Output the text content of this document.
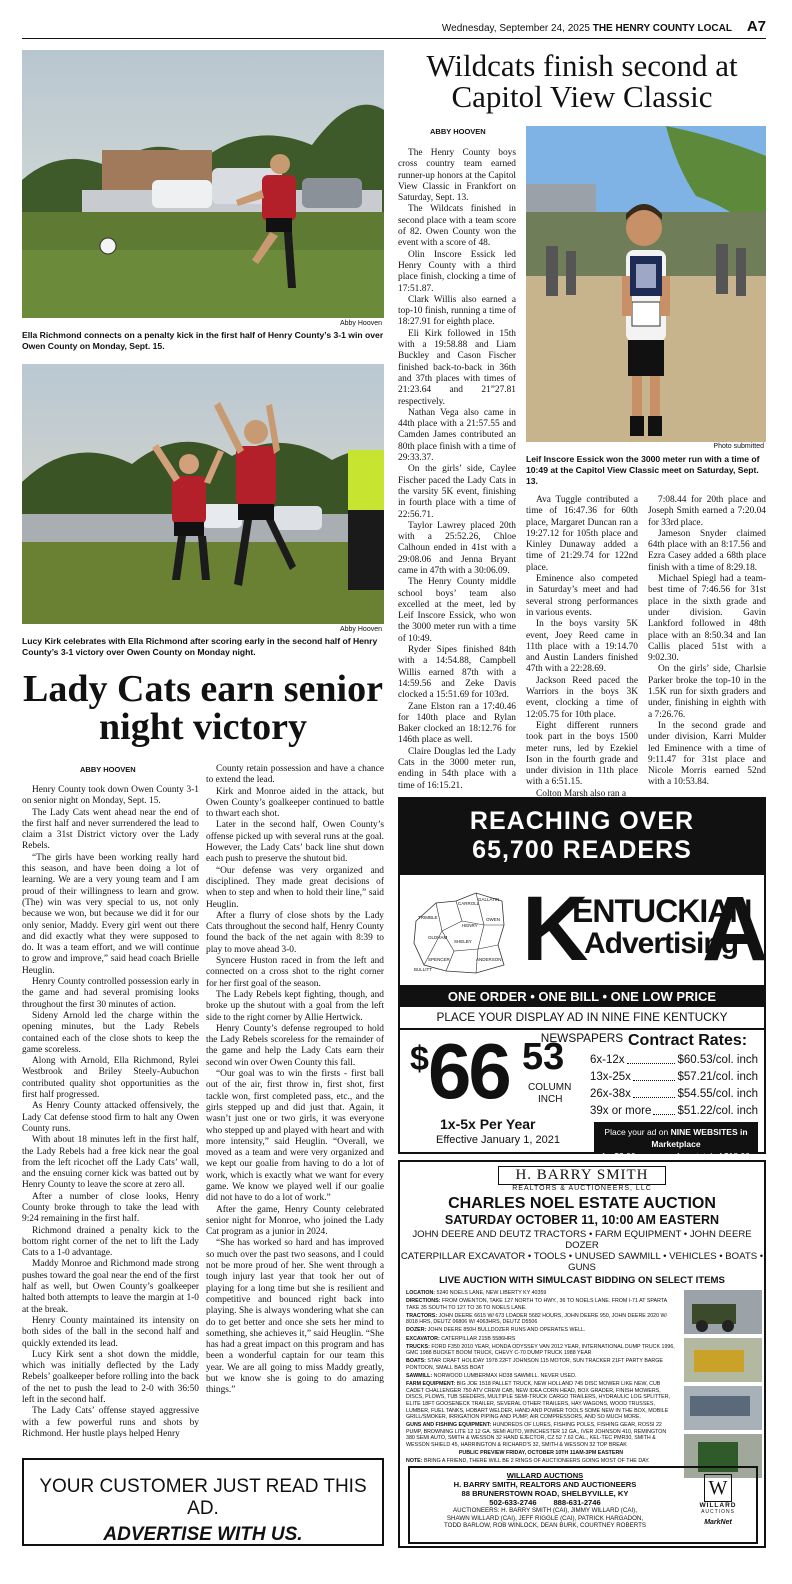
Wednesday, September 24, 2025 THE HENRY COUNTY LOCAL A7
Abby Hooven
Ella Richmond connects on a penalty kick in the first half of Henry County’s 3-1 win over Owen County on Monday, Sept. 15.
Abby Hooven
Lucy Kirk celebrates with Ella Richmond after scoring early in the second half of Henry County’s 3-1 victory over Owen County on Monday night.
Lady Cats earn senior night victory
ABBY HOOVEN

Henry County took down Owen County 3-1 on senior night on Monday, Sept. 15.

The Lady Cats went ahead near the end of the first half and never surrendered the lead to claim a 31st District victory over the Lady Rebels.

“The girls have been working really hard this season, and have been doing a lot of learning. We are a very young team and I am proud of their willingness to learn and grow. (The) win was very special to us, not only because we won, but because we did it for our only senior, Maddy. Every girl went out there and did exactly what they were supposed to do. It was a team effort, and we will continue to grow and improve,” said head coach Brielle Heuglin.

Henry County controlled possession early in the game and had several promising looks throughout the first 30 minutes of action.

Sideny Arnold led the charge within the opening minutes, but the Lady Rebels contained each of the close shots to keep the game scoreless.

Along with Arnold, Ella Richmond, Rylei Westbrook and Briley Steely-Aubuchon contributed quality shot opportunities as the first half progressed.

As Henry County attacked offensively, the Lady Cat defense stood firm to halt any Owen County runs.

With about 18 minutes left in the first half, the Lady Rebels had a free kick near the goal from the left ricochet off the Lady Cats’ wall, and the ensuing corner kick was batted out by Henry County to leave the score at zero all.

After a number of close looks, Henry County broke through to take the lead with 9:24 remaining in the first half.

Richmond drained a penalty kick to the bottom right corner of the net to lift the Lady Cats to a 1-0 advantage.

Maddy Monroe and Richmond made strong pushes toward the goal near the end of the first half as well, but Owen County’s goalkeeper halted both attempts to leave the margin at 1-0 at the break.

Henry County maintained its intensity on both sides of the ball in the second half and quickly extended its lead.

Lucy Kirk sent a shot down the middle, which was initially deflected by the Lady Rebels’ goalkeeper before rolling into the back of the net to push the lead to 2-0 with 36:50 left in the second half.

The Lady Cats’ offense stayed aggressive with a few powerful runs and shots by Richmond. Her hustle plays helped Henry

County retain possession and have a chance to extend the lead.

Kirk and Monroe aided in the attack, but Owen County’s goalkeeper continued to battle to thwart each shot.

Later in the second half, Owen County’s offense picked up with several runs at the goal. However, the Lady Cats’ back line shut down each push to preserve the shutout bid.

“Our defense was very organized and disciplined. They made great decisions of when to step and when to hold their line,” said Heuglin.

After a flurry of close shots by the Lady Cats throughout the second half, Henry County found the back of the net again with 8:39 to play to move ahead 3-0.

Syncere Huston raced in from the left and connected on a cross shot to the right corner for her first goal of the season.

The Lady Rebels kept fighting, though, and broke up the shutout with a goal from the left side to the right corner by Allie Hertwick.

Henry County’s defense regrouped to hold the Lady Rebels scoreless for the remainder of the game and help the Lady Cats earn their second win over Owen County this fall.

“Our goal was to win the firsts - first ball out of the air, first throw in, first shot, first tackle won, first completed pass, etc., and the girls stepped up and did just that. Again, it wasn’t just one or two girls, it was everyone who stepped up and played with heart and with more intensity,” said Heuglin. “Overall, we moved as a team and were very organized and we kept our goalie from having to do a lot of work, which is exactly what we want for every game. We know we played well if our goalie did not have to do a lot of work.”

After the game, Henry County celebrated senior night for Monroe, who joined the Lady Cat program as a junior in 2024.

“She has worked so hard and has improved so much over the past two seasons, and I could not be more proud of her. She went through a tough injury last year that took her out of playing for a long time but she is resilient and competitive and bounced right back into playing. She is always wondering what she can do to get better and once she sets her mind to something, she achieves it,” said Heuglin. “She has had a great impact on this program and has been a wonderful captain for our team this year. We are all going to miss Maddy greatly, but we know she is going to do amazing things.”

YOUR CUSTOMER JUST READ THIS AD.
ADVERTISE WITH US.
Wildcats finish second at Capitol View Classic
ABBY HOOVEN
Photo submitted
Leif Inscore Essick won the 3000 meter run with a time of 10:49 at the Capitol View Classic meet on Saturday, Sept. 13.

The Henry County boys cross country team earned runner-up honors at the Capitol View Classic in Frankfort on Saturday, Sept. 13.

The Wildcats finished in second place with a team score of 82. Owen County won the event with a score of 48.

Olin Inscore Essick led Henry County with a third place finish, clocking a time of 17:51.87.

Clark Willis also earned a top-10 finish, running a time of 18:27.91 for eighth place.

Eli Kirk followed in 15th with a 19:58.88 and Liam Buckley and Cason Fischer finished back-to-back in 36th and 37th places with times of 21:23.64 and 21”27.81 respectively.

Nathan Vega also came in 44th place with a 21:57.55 and Camden James contributed an 80th place finish with a time of 29:33.37.

On the girls’ side, Caylee Fischer paced the Lady Cats in the varsity 5K event, finishing in fourth place with a time of 22:56.71.

Taylor Lawrey placed 20th with a 25:52.26, Chloe Calhoun ended in 41st with a 29:08.06 and Jenna Bryant came in 47th with a 30:06.09.

The Henry County middle school boys’ team also excelled at the meet, led by Leif Inscore Essick, who won the 3000 meter run with a time of 10:49.

Ryder Sipes finished 84th with a 14:54.88, Campbell Willis earned 87th with a 14:59.56 and Zeke Davis clocked a 15:51.69 for 103rd.

Zane Elston ran a 17:40.46 for 140th place and Rylan Baker clocked an 18:12.76 for 146th place as well.

Claire Douglas led the Lady Cats in the 3000 meter run, ending in 54th place with a time of 16:15.21.

Ava Tuggle contributed a time of 16:47.36 for 60th place, Margaret Duncan ran a 19:27.12 for 105th place and Kinley Dunaway added a time of 21:29.74 for 122nd place.

Eminence also competed in Saturday’s meet and had several strong performances in various events.

In the boys varsity 5K event, Joey Reed came in 11th place with a 19:14.70 and Austin Landers finished 47th with a 22:28.69.

Jackson Reed paced the Warriors in the boys 3K event, clocking a time of 12:05.75 for 10th place.

Eight different runners took part in the boys 1500 meter runs, led by Ezekiel Ison in the fourth grade and under division in 11th place with a 6:51.15.

Colton Marsh also ran a

7:08.44 for 20th place and Joseph Smith earned a 7:20.04 for 33rd place.

Jameson Snyder claimed 64th place with an 8:17.56 and Ezra Casey added a 68th place finish with a time of 8:29.18.

Michael Spiegl had a team-best time of 7:46.56 for 31st place in the sixth grade and under division. Gavin Lankford followed in 48th place with an 8:50.34 and Ian Callis placed 51st with a 9:02.30.

On the girls’ side, Charlsie Parker broke the top-10 in the 1.5K run for sixth graders and under, finishing in eighth with a 7:26.76.

In the second grade and under division, Karri Mulder led Eminence with a time of 9:11.47 for 31st place and Nicole Morris earned 52nd with a 10:53.84.

REACHING OVER
65,700 READERS
TRIMBLE
CARROLL
GALLATIN
HENRY
OLDHAM
OWEN
SHELBY
SPENCER	ANDERSON
BULLITT K
ENTUCKIAN
Advertising
A
ONE ORDER • ONE BILL • ONE LOW PRICE
PLACE YOUR DISPLAY AD IN NINE FINE KENTUCKY NEWSPAPERS
$ 66 53
COLUMN
INCH
1x-5x Per Year
Effective January 1, 2021
Contract Rates:
6x-12x	$60.53/col. inch
13x-25x	$57.21/col. inch
26x-38x	$54.55/col. inch
39x or more $51.22/col. inch
Place your ad on NINE WEBSITES in Marketplace
for $2.00 per paper for a total of $18.00
H. BARRY SMITH
REALTORS & AUCTIONEERS, LLC
CHARLES NOEL ESTATE AUCTION
SATURDAY OCTOBER 11, 10:00 AM EASTERN
JOHN DEERE AND DEUTZ TRACTORS • FARM EQUIPMENT • JOHN DEERE DOZER
CATERPILLAR EXCAVATOR • TOOLS • UNUSED SAWMILL • VEHICLES • BOATS • GUNS
LIVE AUCTION WITH SIMULCAST BIDDING ON SELECT ITEMS
LOCATION: 5240 NOELS LANE, NEW LIBERTY KY 40359
DIRECTIONS: FROM OWENTON, TAKE 127 NORTH TO HWY., 36 TO NOELS LANE. FROM I-71 AT SPARTA TAKE 35 SOUTH TO 127 TO 36 TO NOELS LANE.
TRACTORS: JOHN DEERE 6615 W/ 673 LOADER 5682 HOURS, JOHN DEERE 950, JOHN DEERE 2020 W/ 8018 HRS, DEUTZ 06806 W/ 4063HRS, DEUTZ D5506
DOZER: JOHN DEERE 850H BULLDOZER RUNS AND OPERATES WELL.
EXCAVATOR: CATERPILLAR 215B 5586HRS
TRUCKS: FORD F350 2010 YEAR, HONDA ODYSSEY VAN 2012 YEAR, INTERNATIONAL DUMP TRUCK 1996, GMC 1988 BUCKET BOOM TRUCK, CHEVY C-70 DUMP TRUCK 1988 YEAR
BOATS: STAR CRAFT HOLIDAY 1978 22FT JOHNSON 115 MOTOR, SUN TRACKER 21FT PARTY BARGE PONTOON, SMALL BASS BOAT
SAWMILL: NORWOOD LUMBERMAX HD38 SAWMILL. NEVER USED.
FARM EQUIPMENT: BIG JOE 1518 PALLET TRUCK, NEW HOLLAND 745 DISC MOWER LIKE NEW, CUB CADET CHALLENGER 750 ATV CREW CAB, NEW IDEA CORN HEAD, BOX GRADER, FINISH MOWERS, DISCS, PLOWS, TUB SEEDERS, MULTIPLE SEMI-TRUCK CARGO TRAILERS, HYDRAULIC LOG SPLITTER, ELITE 18FT GOOSENECK TRAILER, SEVERAL OTHER TRAILERS, HAY WAGONS, WOOD TRUSSES, LUMBER, FUEL TANKS, HOBART WELDER, HAND AND POWER TOOLS SOME NEW IN THE BOX, MOBILE GRILL/SMOKER, IRRIGATION PIPING AND PUMP, AIR COMPRESSORS, AND SO MUCH MORE.
GUNS AND FISHING EQUIPMENT: HUNDREDS OF LURES, FISHING POLES, FISHING GEAR, ROSSI 22 PUMP, BROWNING LITE 12 12 GA. SEMI AUTO, WINCHESTER 12 GA., IVER JOHNSON 410, REMINGTON 380 SEMI AUTO, SMITH & WESSON 32 HAND EJECTOR, CZ 52 7.62 CAL., KEL-TEC PMR30, SMITH & WESSON SHIELD 45, HARRINGTON & RICHARD'S 32, SMITH & WESSON 32 TOP BREAK
PUBLIC PREVIEW FRIDAY, OCTOBER 10TH 11AM-3PM EASTERN
NOTE: BRING A FRIEND, THERE WILL BE 2 RINGS OF AUCTIONEERS GOING MOST OF THE DAY.
WILLARD AUCTIONS
H. BARRY SMITH, REALTORS AND AUCTIONEERS
88 BRUNERSTOWN ROAD, SHELBYVILLE, KY
502-633-2746 888-631-2746
AUCTIONEERS: H. BARRY SMITH (CAI), JIMMY WILLARD (CAI),
SHAWN WILLARD (CAI), JEFF RIGGLE (CAI), PATRICK HARGADON,
TODD BARLOW, ROB WINLOCK, DEAN BURK, COURTNEY ROBERTS
W
WILLARD
AUCTIONS
MarkNet
